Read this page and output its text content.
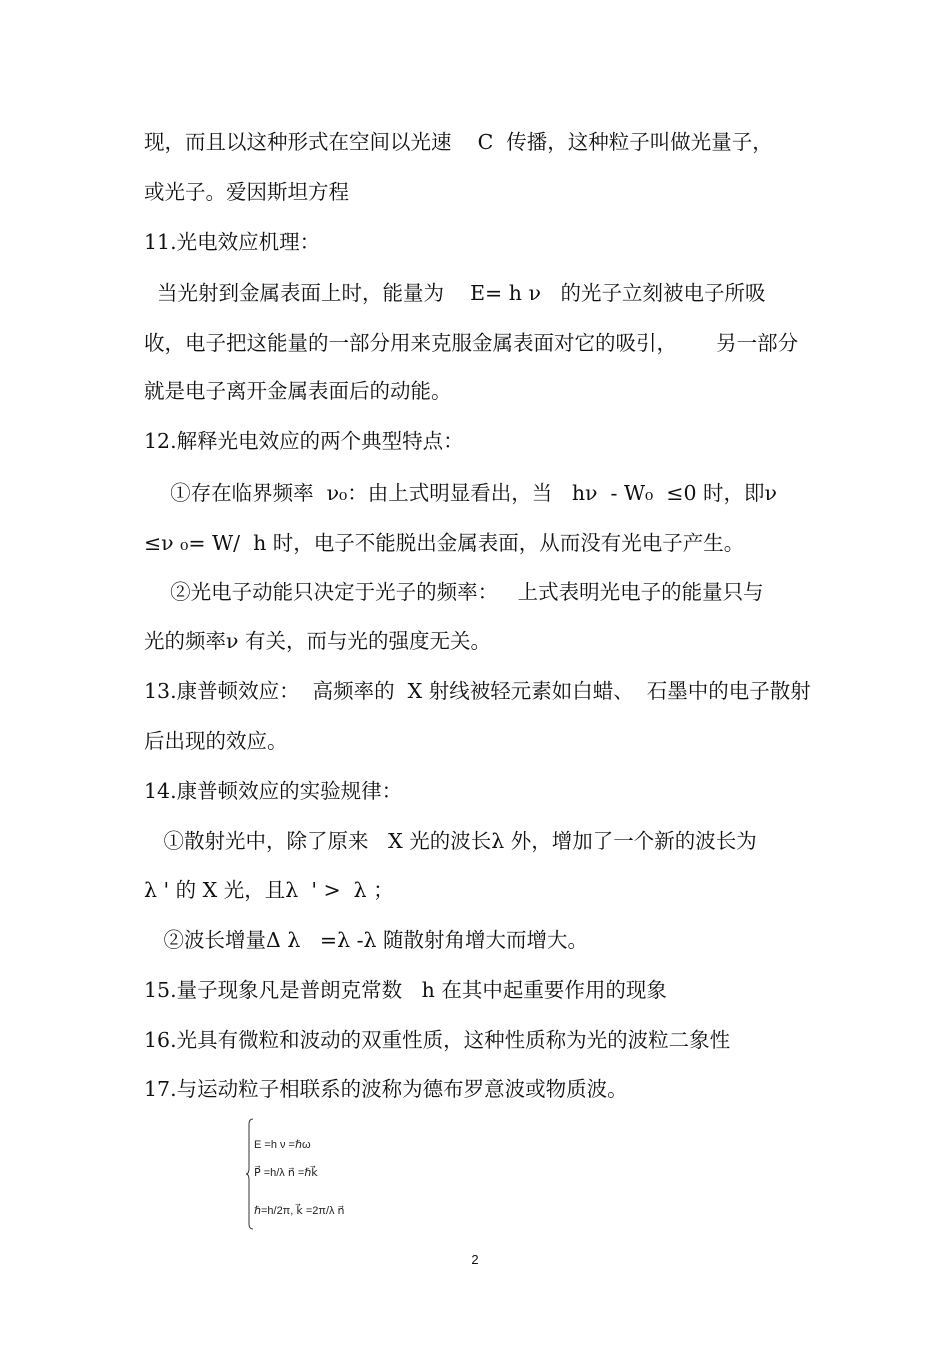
现，而且以这种形式在空间以光速    C  传播，这种粒子叫做光量子，
或光子。爱因斯坦方程
11.光电效应机理：
当光射到金属表面上时，能量为    E= h ν   的光子立刻被电子所吸
收，电子把这能量的一部分用来克服金属表面对它的吸引，      另一部分
就是电子离开金属表面后的动能。
12.解释光电效应的两个典型特点：
①存在临界频率  ν₀：由上式明显看出，当   hν  - W₀  ≤0 时，即ν
≤ν ₀= W/  h 时，电子不能脱出金属表面，从而没有光电子产生。
②光电子动能只决定于光子的频率：   上式表明光电子的能量只与
光的频率ν 有关，而与光的强度无关。
13.康普顿效应：  高频率的  X 射线被轻元素如白蜡、  石墨中的电子散射
后出现的效应。
14.康普顿效应的实验规律：
①散射光中，除了原来   X 光的波长λ 外，增加了一个新的波长为
λ ' 的 X 光，且λ  ' >  λ ；
②波长增量Δ λ   =λ -λ 随散射角增大而增大。
15.量子现象凡是普朗克常数   h 在其中起重要作用的现象
16.光具有微粒和波动的双重性质，这种性质称为光的波粒二象性
17.与运动粒子相联系的波称为德布罗意波或物质波。
E =h ν =ℏω
P⃗ =h/λ n⃗ =ℏk⃗
ℏ=h/2π, k⃗ =2π/λ n⃗
2
